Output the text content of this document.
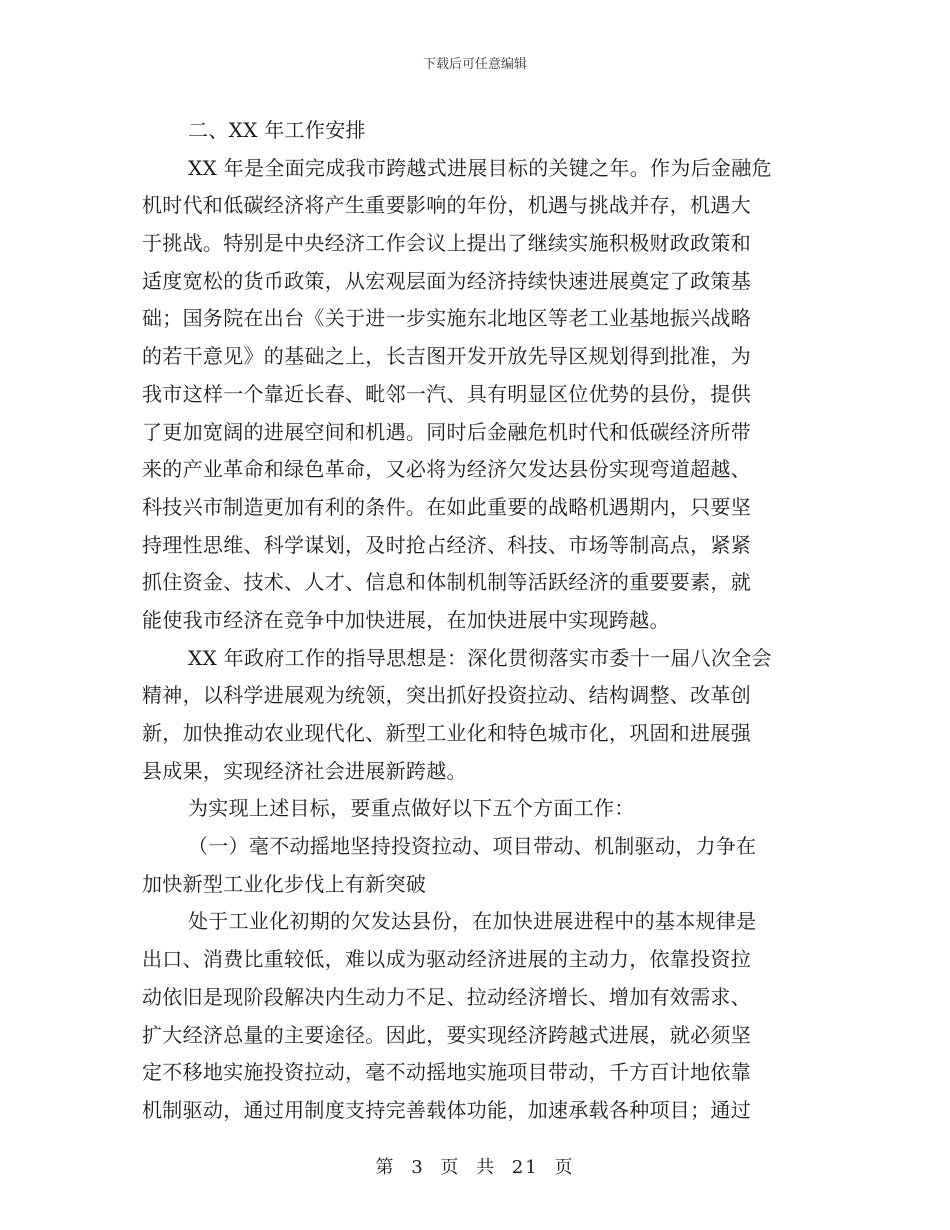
下载后可任意编辑
二、XX 年工作安排
XX 年是全面完成我市跨越式进展目标的关键之年。作为后金融危
机时代和低碳经济将产生重要影响的年份，机遇与挑战并存，机遇大
于挑战。特别是中央经济工作会议上提出了继续实施积极财政政策和
适度宽松的货币政策，从宏观层面为经济持续快速进展奠定了政策基
础；国务院在出台《关于进一步实施东北地区等老工业基地振兴战略
的若干意见》的基础之上，长吉图开发开放先导区规划得到批准，为
我市这样一个靠近长春、毗邻一汽、具有明显区位优势的县份，提供
了更加宽阔的进展空间和机遇。同时后金融危机时代和低碳经济所带
来的产业革命和绿色革命，又必将为经济欠发达县份实现弯道超越、
科技兴市制造更加有利的条件。在如此重要的战略机遇期内，只要坚
持理性思维、科学谋划，及时抢占经济、科技、市场等制高点，紧紧
抓住资金、技术、人才、信息和体制机制等活跃经济的重要要素，就
能使我市经济在竞争中加快进展，在加快进展中实现跨越。
XX 年政府工作的指导思想是：深化贯彻落实市委十一届八次全会
精神，以科学进展观为统领，突出抓好投资拉动、结构调整、改革创
新，加快推动农业现代化、新型工业化和特色城市化，巩固和进展强
县成果，实现经济社会进展新跨越。
为实现上述目标，要重点做好以下五个方面工作：
（一）毫不动摇地坚持投资拉动、项目带动、机制驱动，力争在
加快新型工业化步伐上有新突破
处于工业化初期的欠发达县份，在加快进展进程中的基本规律是
出口、消费比重较低，难以成为驱动经济进展的主动力，依靠投资拉
动依旧是现阶段解决内生动力不足、拉动经济增长、增加有效需求、
扩大经济总量的主要途径。因此，要实现经济跨越式进展，就必须坚
定不移地实施投资拉动，毫不动摇地实施项目带动，千方百计地依靠
机制驱动，通过用制度支持完善载体功能，加速承载各种项目；通过
第 3 页 共 21 页
